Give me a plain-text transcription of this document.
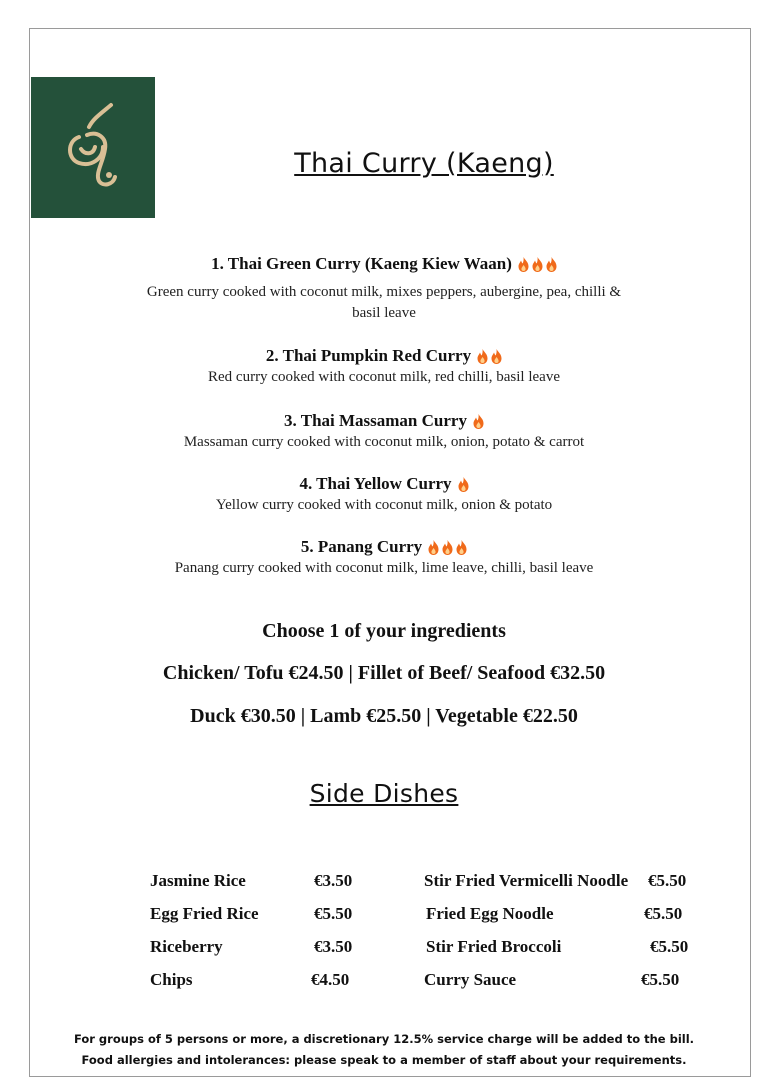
Thai Curry (Kaeng)
1. Thai Green Curry (Kaeng Kiew Waan)
Green curry cooked with coconut milk, mixes peppers, aubergine, pea, chilli &
basil leave
2. Thai Pumpkin Red Curry
Red curry cooked with coconut milk, red chilli, basil leave
3. Thai Massaman Curry
Massaman curry cooked with coconut milk, onion, potato & carrot
4. Thai Yellow Curry
Yellow curry cooked with coconut milk, onion & potato
5. Panang Curry
Panang curry cooked with coconut milk, lime leave, chilli, basil leave
Choose 1 of your ingredients
Chicken/ Tofu €24.50 | Fillet of Beef/ Seafood €32.50
Duck €30.50 | Lamb €25.50 | Vegetable €22.50
Side Dishes
Jasmine Rice	€3.50
Egg Fried Rice	€5.50
Riceberry	€3.50
Chips	€4.50
Stir Fried Vermicelli Noodle €5.50
Fried Egg Noodle	€5.50
Stir Fried Broccoli	€5.50
Curry Sauce	€5.50
For groups of 5 persons or more, a discretionary 12.5% service charge will be added to the bill.
Food allergies and intolerances: please speak to a member of staff about your requirements.
